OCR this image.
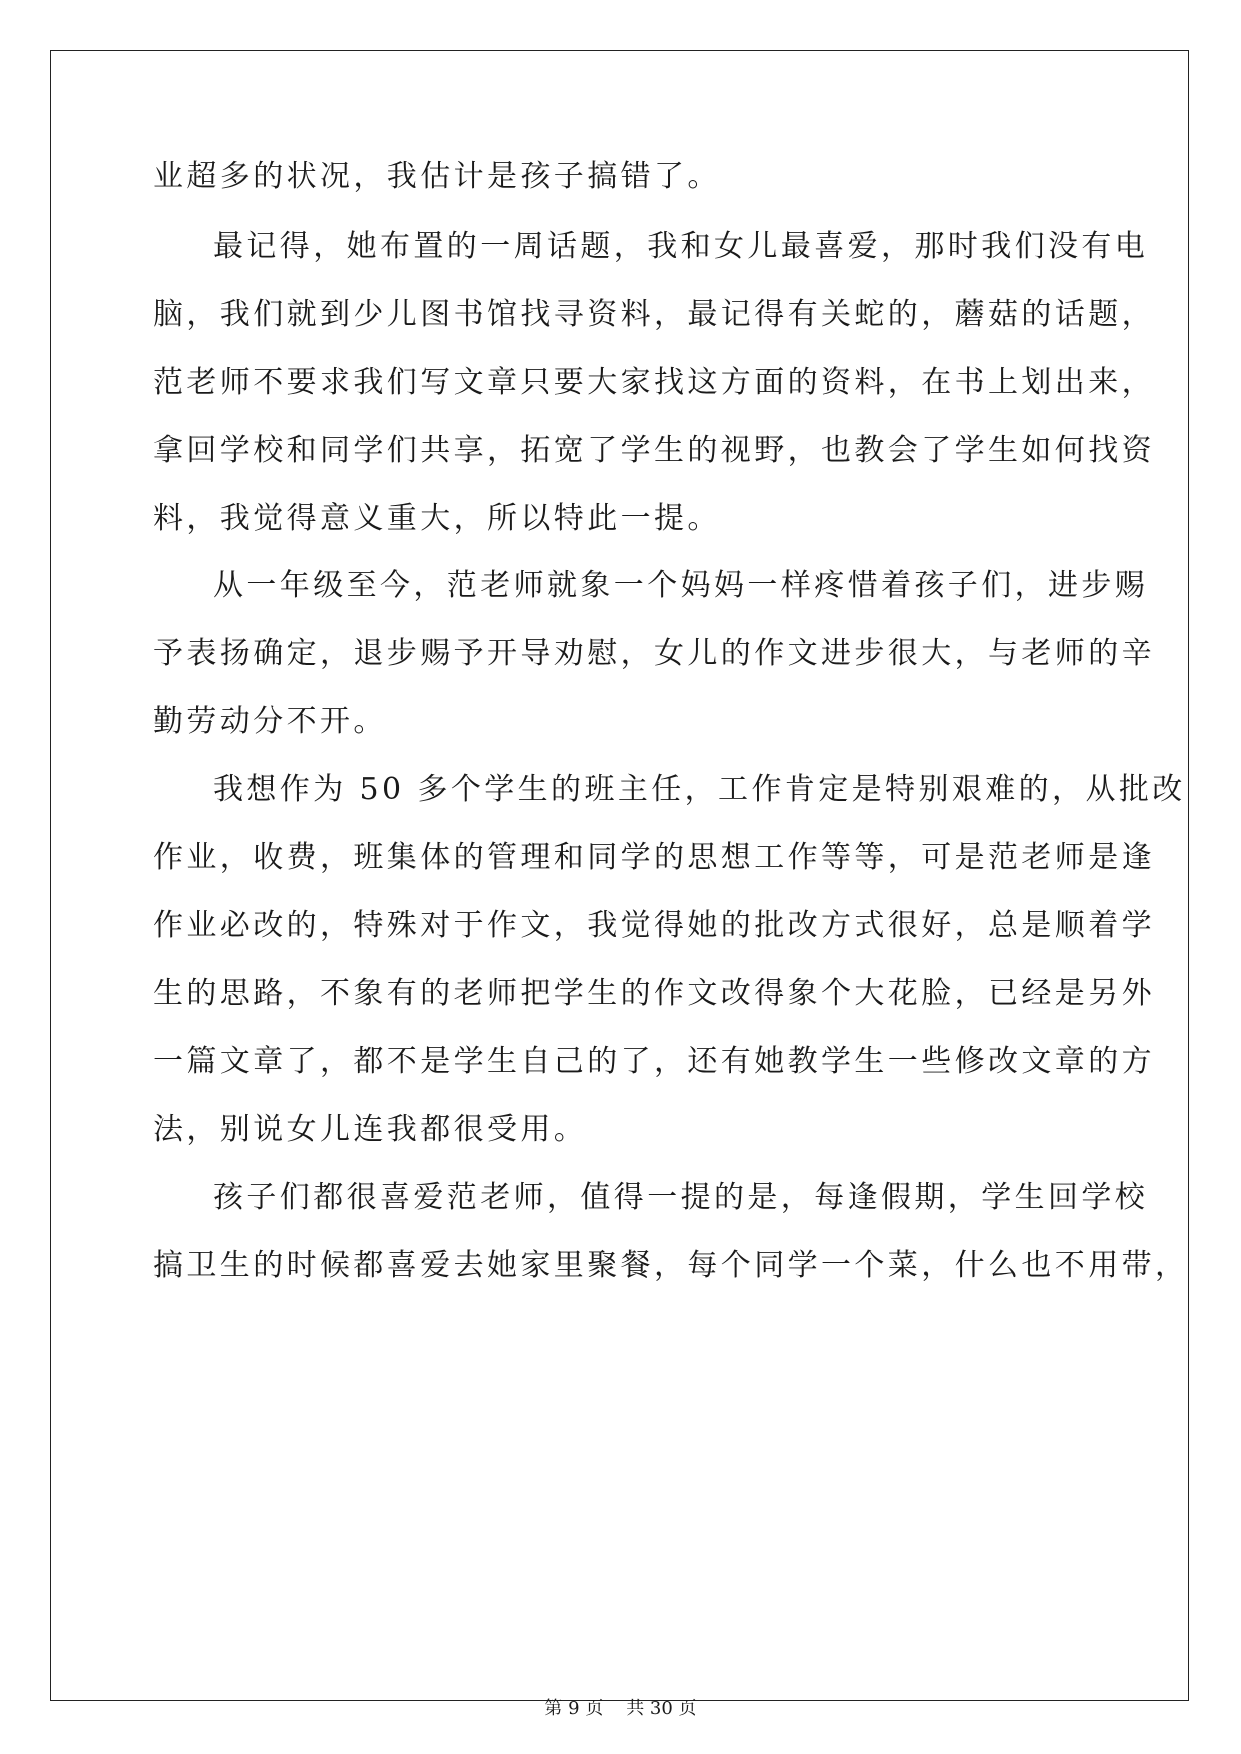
业超多的状况，我估计是孩子搞错了。
最记得，她布置的一周话题，我和女儿最喜爱，那时我们没有电
脑，我们就到少儿图书馆找寻资料，最记得有关蛇的，蘑菇的话题，
范老师不要求我们写文章只要大家找这方面的资料，在书上划出来，
拿回学校和同学们共享，拓宽了学生的视野，也教会了学生如何找资
料，我觉得意义重大，所以特此一提。
从一年级至今，范老师就象一个妈妈一样疼惜着孩子们，进步赐
予表扬确定，退步赐予开导劝慰，女儿的作文进步很大，与老师的辛
勤劳动分不开。
我想作为 50 多个学生的班主任，工作肯定是特别艰难的，从批改
作业，收费，班集体的管理和同学的思想工作等等，可是范老师是逢
作业必改的，特殊对于作文，我觉得她的批改方式很好，总是顺着学
生的思路，不象有的老师把学生的作文改得象个大花脸，已经是另外
一篇文章了，都不是学生自己的了，还有她教学生一些修改文章的方
法，别说女儿连我都很受用。
孩子们都很喜爱范老师，值得一提的是，每逢假期，学生回学校
搞卫生的时候都喜爱去她家里聚餐，每个同学一个菜，什么也不用带，
第 9 页    共 30 页
